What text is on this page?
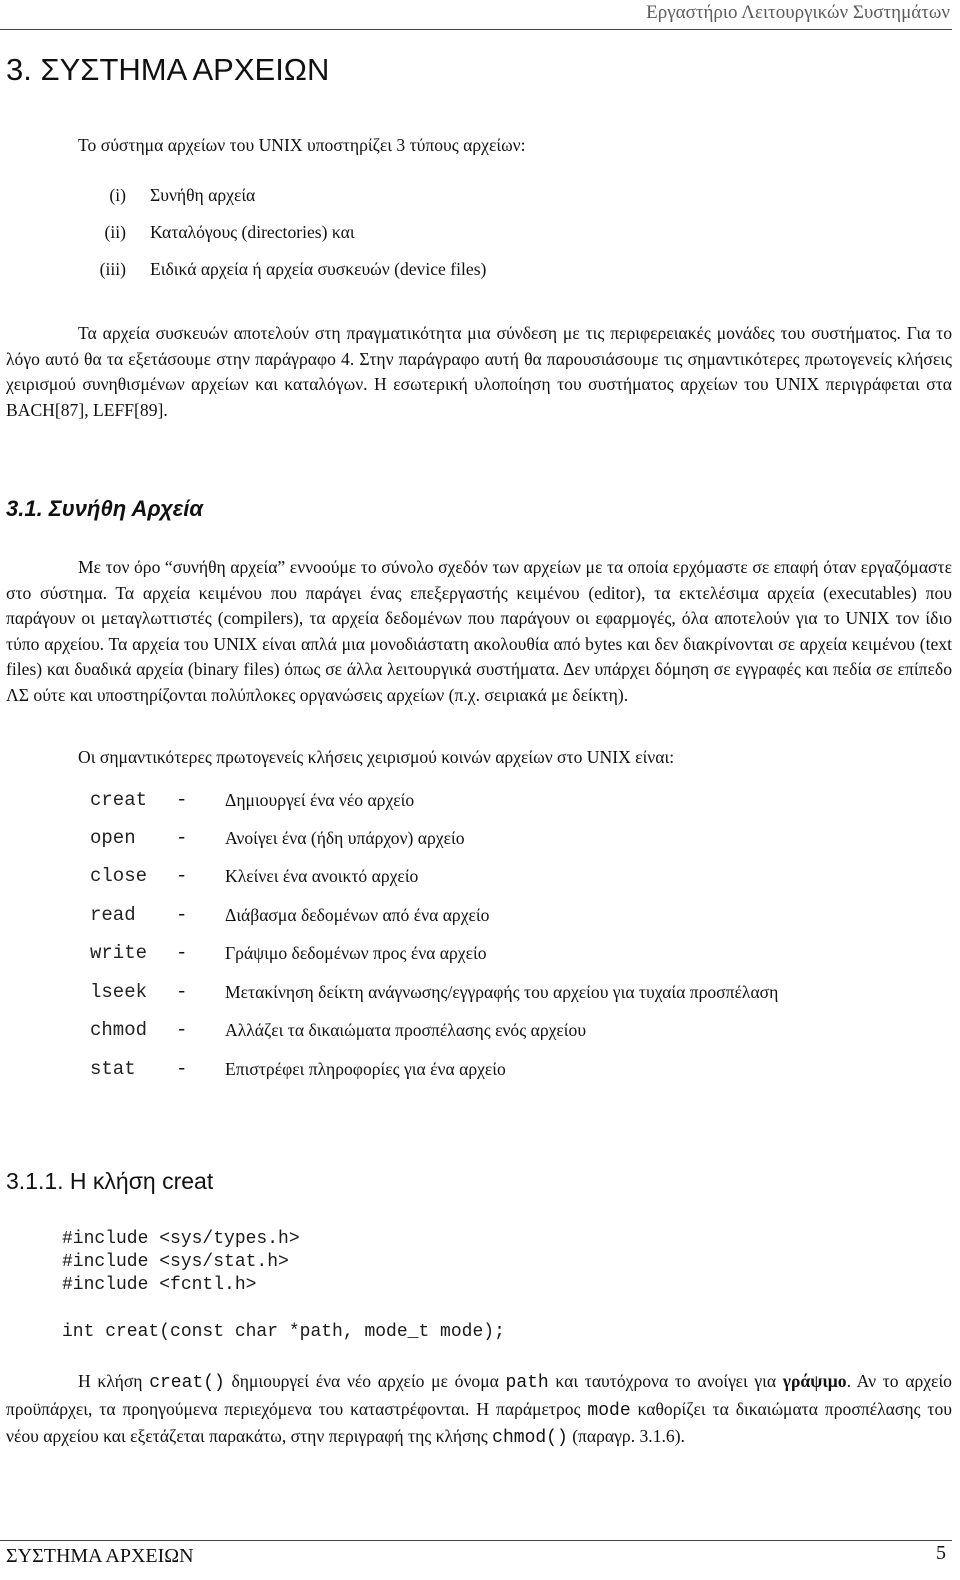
Εργαστήριο Λειτουργικών Συστημάτων
3. ΣΥΣΤΗΜΑ ΑΡΧΕΙΩΝ
Το σύστημα αρχείων του UNIX υποστηρίζει 3 τύπους αρχείων:
(i) Συνήθη αρχεία
(ii) Καταλόγους (directories) και
(iii) Ειδικά αρχεία ή αρχεία συσκευών (device files)
Τα αρχεία συσκευών αποτελούν στη πραγματικότητα μια σύνδεση με τις περιφερειακές μονάδες του συστήματος. Για το λόγο αυτό θα τα εξετάσουμε στην παράγραφο 4. Στην παράγραφο αυτή θα παρουσιάσουμε τις σημαντικότερες πρωτογενείς κλήσεις χειρισμού συνηθισμένων αρχείων και καταλόγων. Η εσωτερική υλοποίηση του συστήματος αρχείων του UNIX περιγράφεται στα BACH[87], LEFF[89].
3.1. Συνήθη Αρχεία
Με τον όρο “συνήθη αρχεία” εννοούμε το σύνολο σχεδόν των αρχείων με τα οποία ερχόμαστε σε επαφή όταν εργαζόμαστε στο σύστημα. Τα αρχεία κειμένου που παράγει ένας επεξεργαστής κειμένου (editor), τα εκτελέσιμα αρχεία (executables) που παράγουν οι μεταγλωττιστές (compilers), τα αρχεία δεδομένων που παράγουν οι εφαρμογές, όλα αποτελούν για το UNIX τον ίδιο τύπο αρχείου. Τα αρχεία του UNIX είναι απλά μια μονοδιάστατη ακολουθία από bytes και δεν διακρίνονται σε αρχεία κειμένου (text files) και δυαδικά αρχεία (binary files) όπως σε άλλα λειτουργικά συστήματα. Δεν υπάρχει δόμηση σε εγγραφές και πεδία σε επίπεδο ΛΣ ούτε και υποστηρίζονται πολύπλοκες οργανώσεις αρχείων (π.χ. σειριακά με δείκτη).
Οι σημαντικότερες πρωτογενείς κλήσεις χειρισμού κοινών αρχείων στο UNIX είναι:
creat - Δημιουργεί ένα νέο αρχείο
open - Ανοίγει ένα (ήδη υπάρχον) αρχείο
close - Κλείνει ένα ανοικτό αρχείο
read - Διάβασμα δεδομένων από ένα αρχείο
write - Γράψιμο δεδομένων προς ένα αρχείο
lseek - Μετακίνηση δείκτη ανάγνωσης/εγγραφής του αρχείου για τυχαία προσπέλαση
chmod - Αλλάζει τα δικαιώματα προσπέλασης ενός αρχείου
stat - Επιστρέφει πληροφορίες για ένα αρχείο
3.1.1. Η κλήση creat
#include <sys/types.h>
#include <sys/stat.h>
#include <fcntl.h>
int creat(const char *path, mode_t mode);
Η κλήση creat() δημιουργεί ένα νέο αρχείο με όνομα path και ταυτόχρονα το ανοίγει για γράψιμο. Αν το αρχείο προϋπάρχει, τα προηγούμενα περιεχόμενα του καταστρέφονται. Η παράμετρος mode καθορίζει τα δικαιώματα προσπέλασης του νέου αρχείου και εξετάζεται παρακάτω, στην περιγραφή της κλήσης chmod() (παραγρ. 3.1.6).
ΣΥΣΤΗΜΑ ΑΡΧΕΙΩΝ	5
